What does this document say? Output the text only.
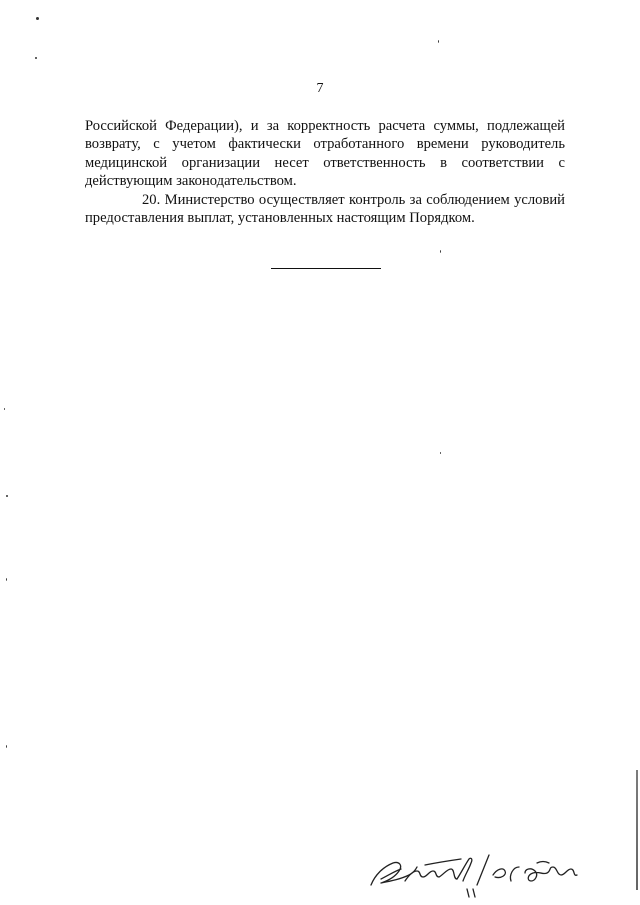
7

Российской Федерации), и за корректность расчета суммы, подлежащей возврату, с учетом фактически отработанного времени руководитель медицинской организации несет ответственность в соответствии с действующим законодательством.

20. Министерство осуществляет контроль за соблюдением условий предоставления выплат, установленных настоящим Порядком.
